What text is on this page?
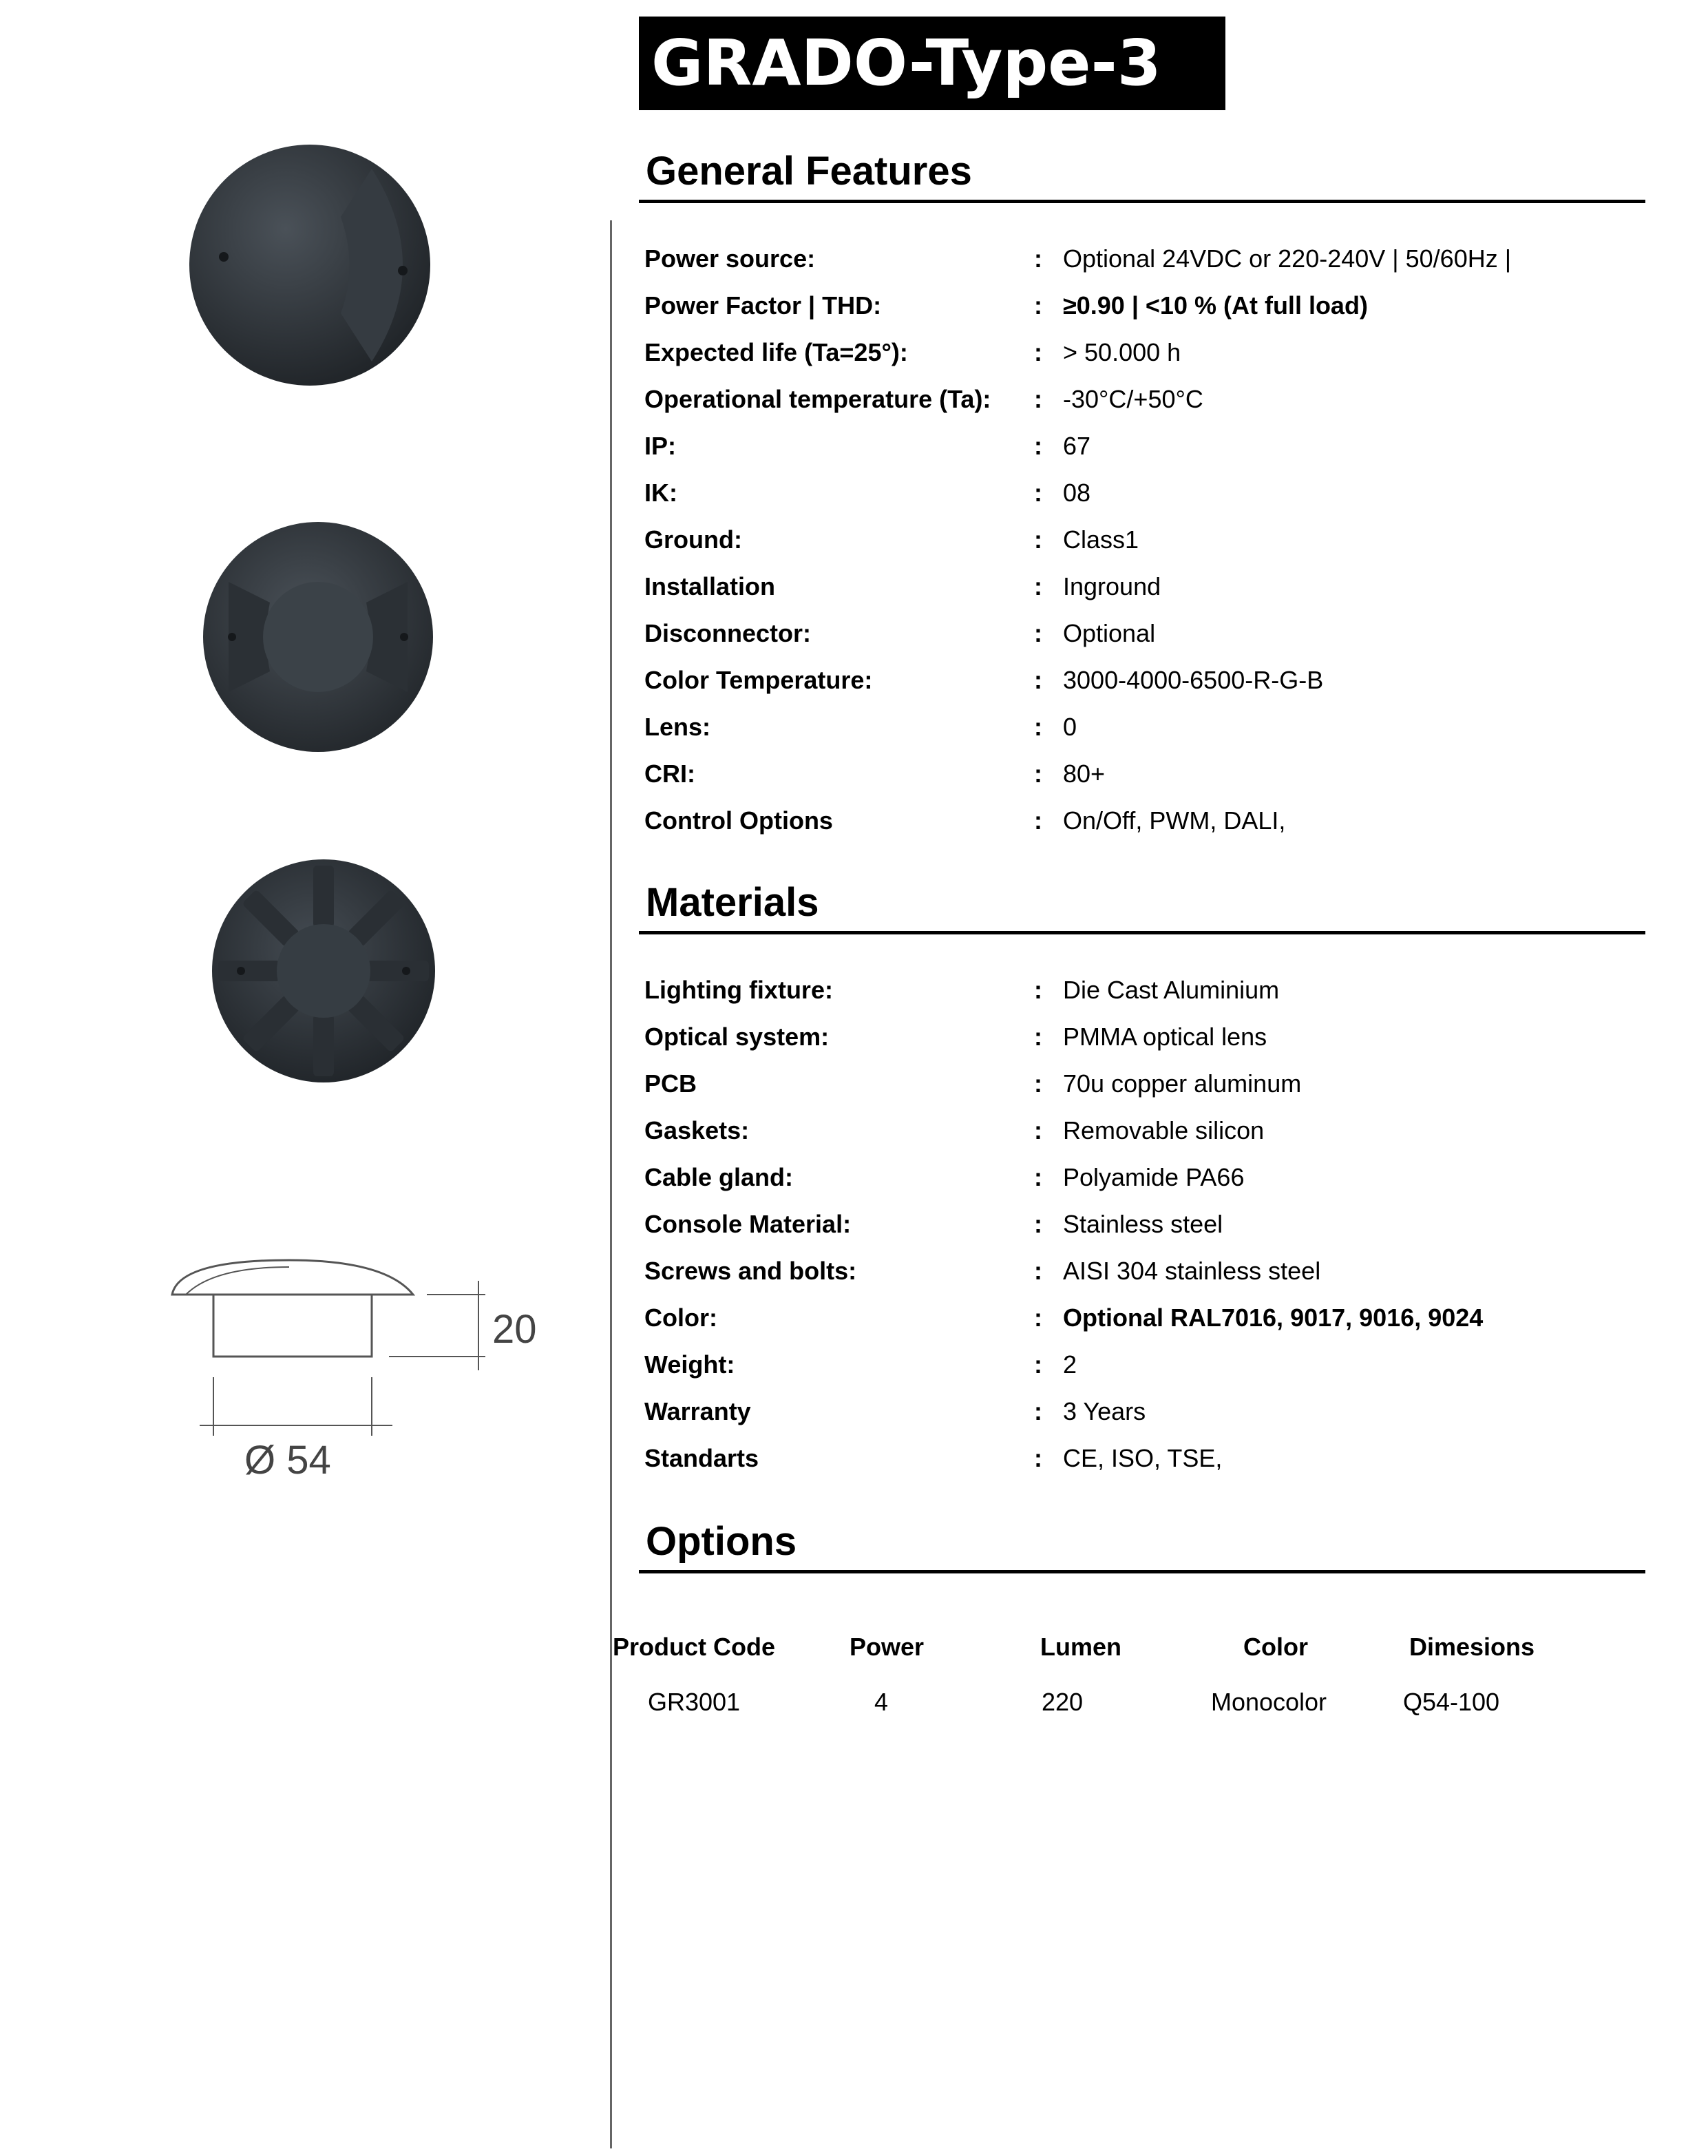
GRADO-Type-3
20
Ø 54
General Features
Power source:	: Optional 24VDC or 220-240V | 50/60Hz |
Power Factor | THD:	: ≥0.90 | <10 % (At full load)
Expected life (Ta=25°):	: > 50.000 h
Operational temperature (Ta): : -30°C/+50°C
IP:	: 67
IK:	: 08
Ground:	: Class1
Installation	: Inground
Disconnector:	: Optional
Color Temperature:	: 3000-4000-6500-R-G-B
Lens:	: 0
CRI:	: 80+
Control Options	: On/Off, PWM, DALI,
Materials
Lighting fixture:	: Die Cast Aluminium
Optical system:	: PMMA optical lens
PCB	: 70u copper aluminum
Gaskets:	: Removable silicon
Cable gland:	: Polyamide PA66
Console Material:	: Stainless steel
Screws and bolts:	: AISI 304 stainless steel
Color:	: Optional RAL7016, 9017, 9016, 9024
Weight:	: 2
Warranty	: 3 Years
Standarts	: CE, ISO, TSE,
Options
Product Code	Power	Lumen	Color	Dimesions
GR3001	4	220	Monocolor	Q54-100
